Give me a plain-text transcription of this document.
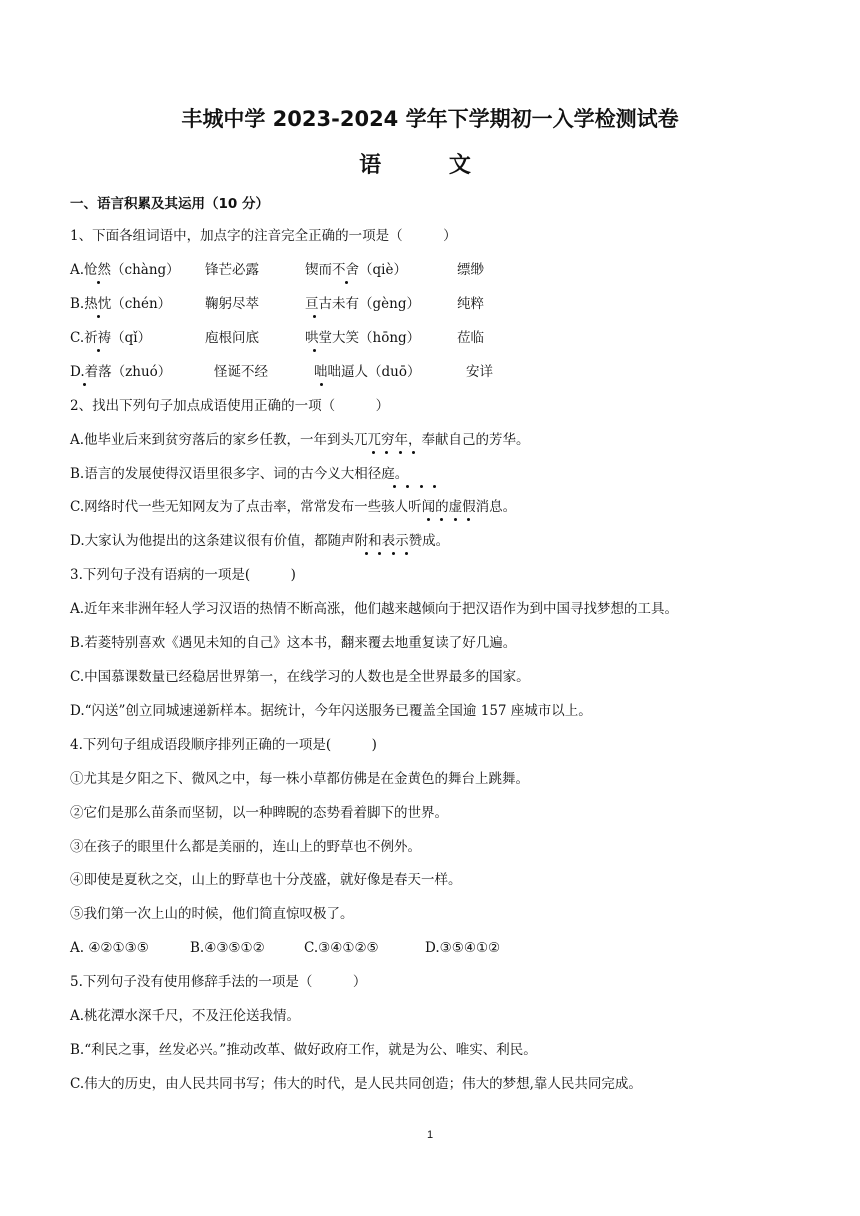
丰城中学 2023-2024 学年下学期初一入学检测试卷
语 文
一、语言积累及其运用（10 分）
1、下面各组词语中，加点字的注音完全正确的一项是（　　　）
A.怆然（chàng） 锋芒必露	锲而不舍（qiè）	缥缈
B.热忱（chén）	鞠躬尽萃	亘古未有（gèng）	纯粹
C.祈祷（qǐ）	庖根问底	哄堂大笑（hōng）	莅临
D.着落（zhuó）	怪诞不经	咄咄逼人（duō）	安详
2、找出下列句子加点成语使用正确的一项（　　　）
A.他毕业后来到贫穷落后的家乡任教，一年到头兀兀穷年，奉献自己的芳华。
B.语言的发展使得汉语里很多字、词的古今义大相径庭。
C.网络时代一些无知网友为了点击率，常常发布一些骇人听闻的虚假消息。
D.大家认为他提出的这条建议很有价值，都随声附和表示赞成。
3.下列句子没有语病的一项是(　　　)
A.近年来非洲年轻人学习汉语的热情不断高涨，他们越来越倾向于把汉语作为到中国寻找梦想的工具。
B.若菱特别喜欢《遇见未知的自己》这本书，翻来覆去地重复读了好几遍。
C.中国慕课数量已经稳居世界第一，在线学习的人数也是全世界最多的国家。
D.“闪送”创立同城速递新样本。据统计，今年闪送服务已覆盖全国逾 157 座城市以上。
4.下列句子组成语段顺序排列正确的一项是(　　　)
①尤其是夕阳之下、微风之中，每一株小草都仿佛是在金黄色的舞台上跳舞。
②它们是那么苗条而坚韧，以一种睥睨的态势看着脚下的世界。
③在孩子的眼里什么都是美丽的，连山上的野草也不例外。
④即使是夏秋之交，山上的野草也十分茂盛，就好像是春天一样。
⑤我们第一次上山的时候，他们简直惊叹极了。
A. ④②①③⑤	B.④③⑤①②	C.③④①②⑤	D.③⑤④①②
5.下列句子没有使用修辞手法的一项是（　　　）
A.桃花潭水深千尺，不及汪伦送我情。
B.“利民之事，丝发必兴。”推动改革、做好政府工作，就是为公、唯实、利民。
C.伟大的历史，由人民共同书写；伟大的时代，是人民共同创造；伟大的梦想,靠人民共同完成。
1
